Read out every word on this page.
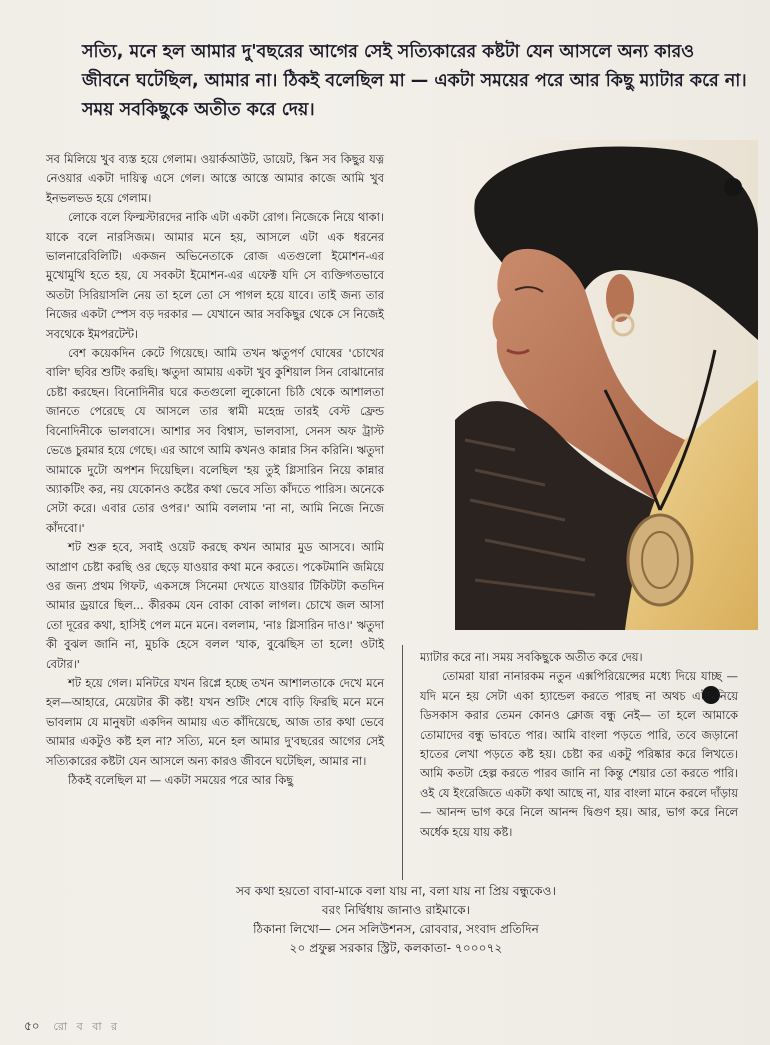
সত্যি, মনে হল আমার দু'বছরের আগের সেই সত্যিকারের কষ্টটা যেন আসলে অন্য কারও জীবনে ঘটেছিল, আমার না। ঠিকই বলেছিল মা — একটা সময়ের পরে আর কিছু ম্যাটার করে না। সময় সবকিছুকে অতীত করে দেয়।

সব মিলিয়ে খুব ব্যস্ত হয়ে গেলাম। ওয়ার্কআউট, ডায়েট, স্কিন সব কিছুর যত্ন নেওয়ার একটা দায়িত্ব এসে গেল। আস্তে আস্তে আমার কাজে আমি খুব ইনভলভড হয়ে গেলাম।

লোকে বলে ফিল্মস্টারদের নাকি এটা একটা রোগ। নিজেকে নিয়ে থাকা। যাকে বলে নারসিজম। আমার মনে হয়, আসলে এটা এক ধরনের ভালনারেবিলিটি। একজন অভিনেতাকে রোজ এতগুলো ইমোশন-এর মুখোমুখি হতে হয়, যে সবকটা ইমোশন-এর এফেক্ট যদি সে ব্যক্তিগতভাবে অতটা সিরিয়াসলি নেয় তা হলে তো সে পাগল হয়ে যাবে। তাই জন্য তার নিজের একটা স্পেস বড় দরকার — যেখানে আর সবকিছুর থেকে সে নিজেই সবথেকে ইমপরটেন্ট।

বেশ কয়েকদিন কেটে গিয়েছে। আমি তখন ঋতুপর্ণ ঘোষের 'চোখের বালি' ছবির শুটিং করছি। ঋতুদা আমায় একটা খুব কুশিয়াল সিন বোঝানোর চেষ্টা করছেন। বিনোদিনীর ঘরে কতগুলো লুকোনো চিঠি থেকে আশালতা জানতে পেরেছে যে আসলে তার স্বামী মহেন্দ্র তারই বেস্ট ফ্রেন্ড বিনোদিনীকে ভালবাসে। আশার সব বিশ্বাস, ভালবাসা, সেনস অফ ট্রাস্ট ভেঙে চুরমার হয়ে গেছে। এর আগে আমি কখনও কান্নার সিন করিনি। ঋতুদা আমাকে দুটো অপশন দিয়েছিল। বলেছিল 'হয় তুই গ্লিসারিন নিয়ে কান্নার অ্যাকটিং কর, নয় যেকোনও কষ্টের কথা ভেবে সত্যি কাঁদতে পারিস। অনেকে সেটা করে। এবার তোর ওপর।' আমি বললাম 'না না, আমি নিজে নিজে কাঁদবো।'

শট শুরু হবে, সবাই ওয়েট করছে কখন আমার মুড আসবে। আমি আপ্রাণ চেষ্টা করছি ওর ছেড়ে যাওয়ার কথা মনে করতে। পকেটমানি জমিয়ে ওর জন্য প্রথম গিফট, একসঙ্গে সিনেমা দেখতে যাওয়ার টিকিটটা কতদিন আমার ড্রয়ারে ছিল... কীরকম যেন বোকা বোকা লাগল। চোখে জল আসা তো দূরের কথা, হাসিই পেল মনে মনে। বললাম, 'নাঃ গ্লিসারিন দাও।' ঋতুদা কী বুঝল জানি না, মুচকি হেসে বলল 'যাক, বুঝেছিস তা হলে! ওটাই বেটার।'

শট হয়ে গেল। মনিটরে যখন রিপ্লে হচ্ছে তখন আশালতাকে দেখে মনে হল—আহারে, মেয়েটার কী কষ্ট! যখন শুটিং শেষে বাড়ি ফিরছি মনে মনে ভাবলাম যে মানুষটা একদিন আমায় এত কাঁদিয়েছে, আজ তার কথা ভেবে আমার একটুও কষ্ট হল না? সত্যি, মনে হল আমার দু'বছরের আগের সেই সত্যিকারের কষ্টটা যেন আসলে অন্য কারও জীবনে ঘটেছিল, আমার না।

ঠিকই বলেছিল মা — একটা সময়ের পরে আর কিছু

ম্যাটার করে না। সময় সবকিছুকে অতীত করে দেয়।

তোমরা যারা নানারকম নতুন এক্সপিরিয়েন্সের মধ্যে দিয়ে যাচ্ছ — যদি মনে হয় সেটা একা হ্যান্ডেল করতে পারছ না অথচ এটা নিয়ে ডিসকাস করার তেমন কোনও ক্লোজ বন্ধু নেই— তা হলে আমাকে তোমাদের বন্ধু ভাবতে পার। আমি বাংলা পড়তে পারি, তবে জড়ানো হাতের লেখা পড়তে কষ্ট হয়। চেষ্টা কর একটু পরিষ্কার করে লিখতে। আমি কতটা হেল্প করতে পারব জানি না কিন্তু শেয়ার তো করতে পারি। ওই যে ইংরেজিতে একটা কথা আছে না, যার বাংলা মানে করলে দাঁড়ায় — আনন্দ ভাগ করে নিলে আনন্দ দ্বিগুণ হয়। আর, ভাগ করে নিলে অর্ধেক হয়ে যায় কষ্ট।

সব কথা হয়তো বাবা-মাকে বলা যায় না, বলা যায় না প্রিয় বন্ধুকেও।
বরং নির্দ্বিধায় জানাও রাইমাকে।
ঠিকানা লিখো— সেন সলিউশনস, রোববার, সংবাদ প্রতিদিন
২০ প্রফুল্ল সরকার স্ট্রিট, কলকাতা- ৭০০০৭২
৫০ রো ব বা র
